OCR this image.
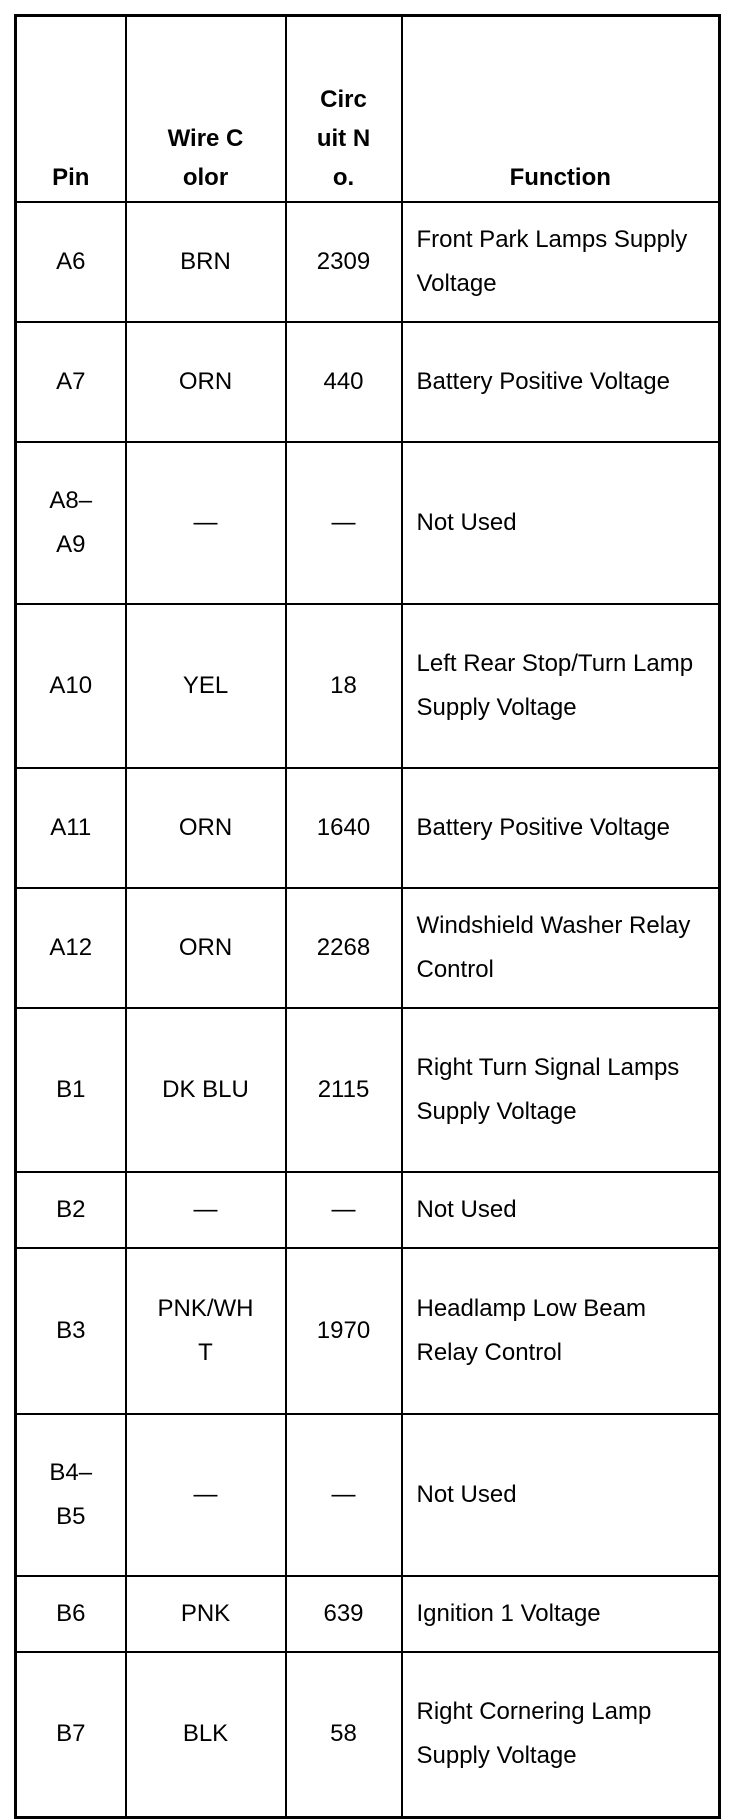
Pin	Wire Color	Circuit No.	Function
A6	BRN	2309	Front Park Lamps Supply Voltage
A7	ORN	440	Battery Positive Voltage
A8–A9	—	—	Not Used
A10	YEL	18	Left Rear Stop/Turn Lamp Supply Voltage
A11	ORN	1640	Battery Positive Voltage
A12	ORN	2268	Windshield Washer Relay Control
B1	DK BLU	2115	Right Turn Signal Lamps Supply Voltage
B2	—	—	Not Used
B3	PNK/WHT	1970	Headlamp Low Beam Relay Control
B4–B5	—	—	Not Used
B6	PNK	639	Ignition 1 Voltage
B7	BLK	58	Right Cornering Lamp Supply Voltage
